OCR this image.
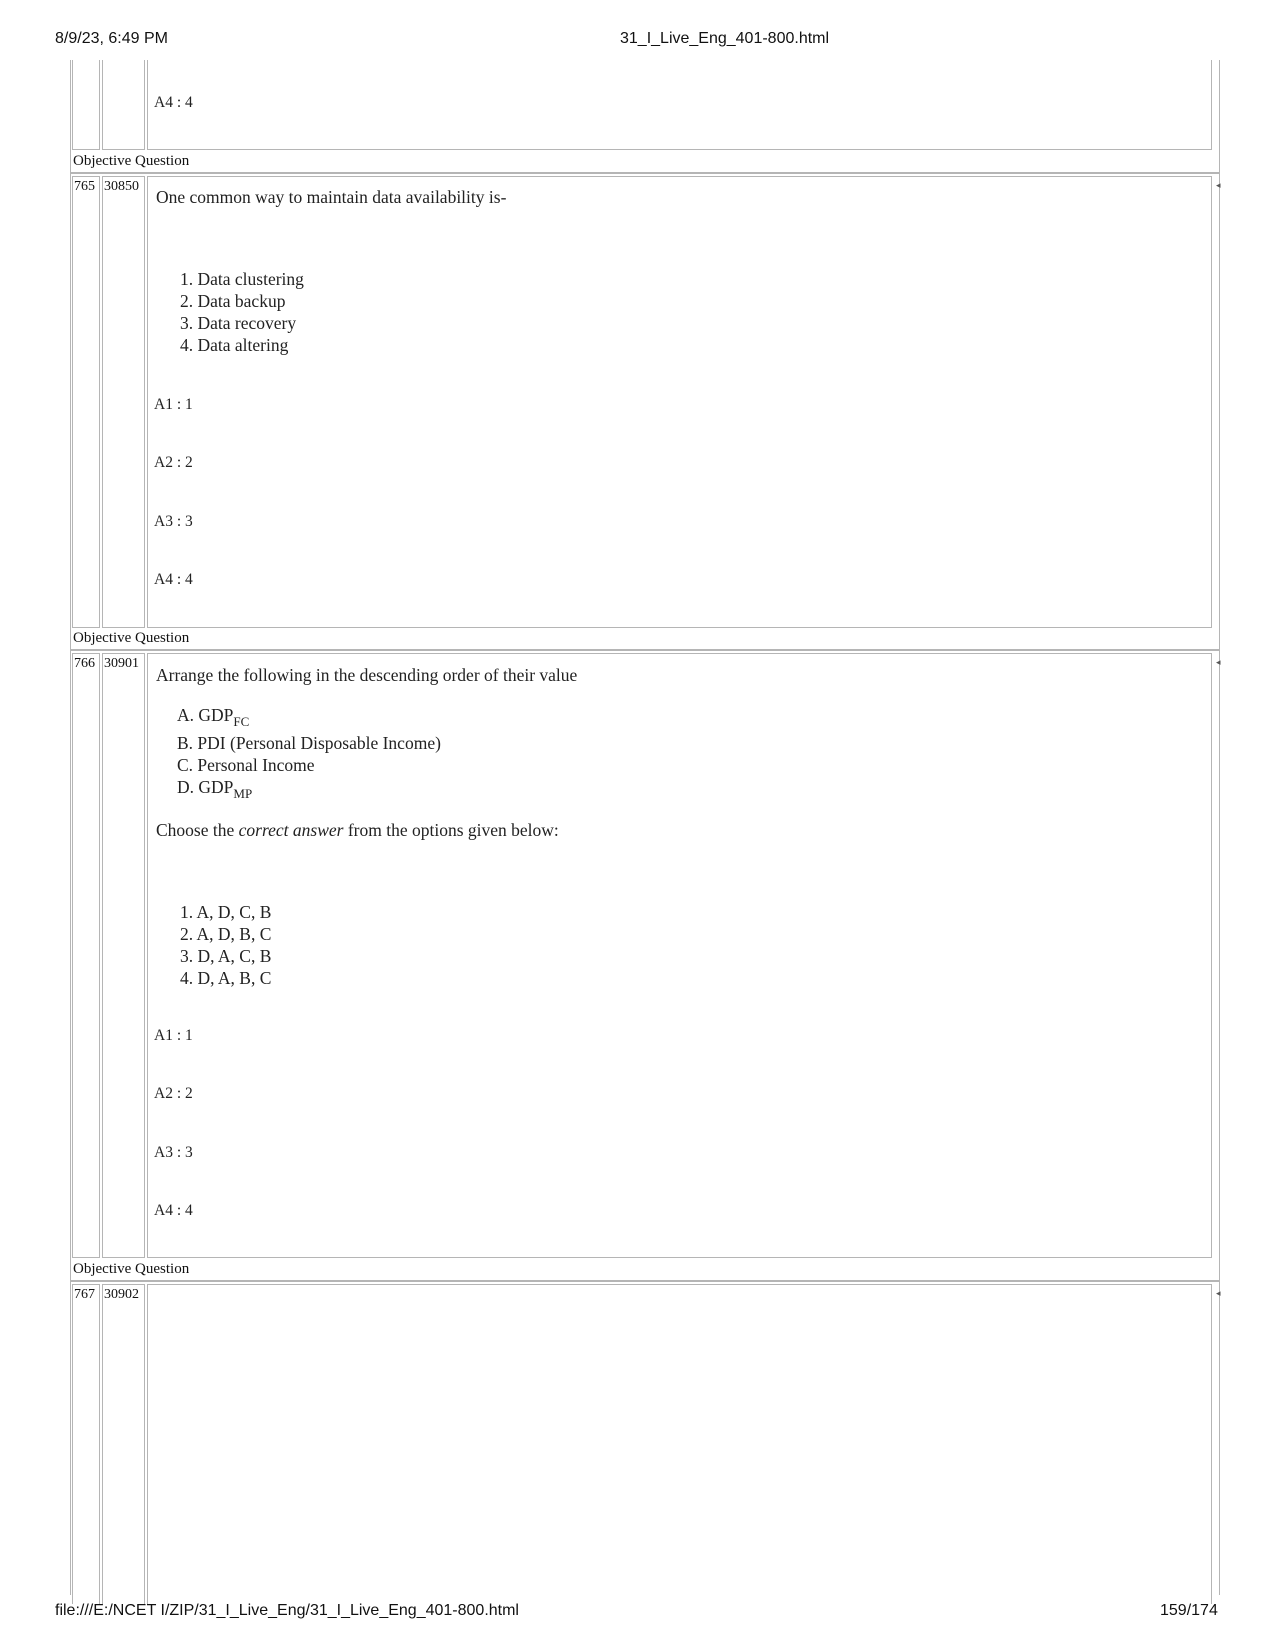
8/9/23, 6:49 PM	31_I_Live_Eng_401-800.html
file:///E:/NCET I/ZIP/31_I_Live_Eng/31_I_Live_Eng_401-800.html	159/174
A4 : 4
Objective Question
765 30850	◂
One common way to maintain data availability is-
1. Data clustering
2. Data backup
3. Data recovery
4. Data altering
A1 : 1
A2 : 2
A3 : 3
A4 : 4
Objective Question
766 30901	◂
Arrange the following in the descending order of their value
A. $GDP_{FC}$
B. PDI (Personal Disposable Income)
C. Personal Income
D. $GDP_{MP}$
Choose the correct answer from the options given below:
1. A, D, C, B
2. A, D, B, C
3. D, A, C, B
4. D, A, B, C
A1 : 1
A2 : 2
A3 : 3
A4 : 4
Objective Question
767 30902	◂
